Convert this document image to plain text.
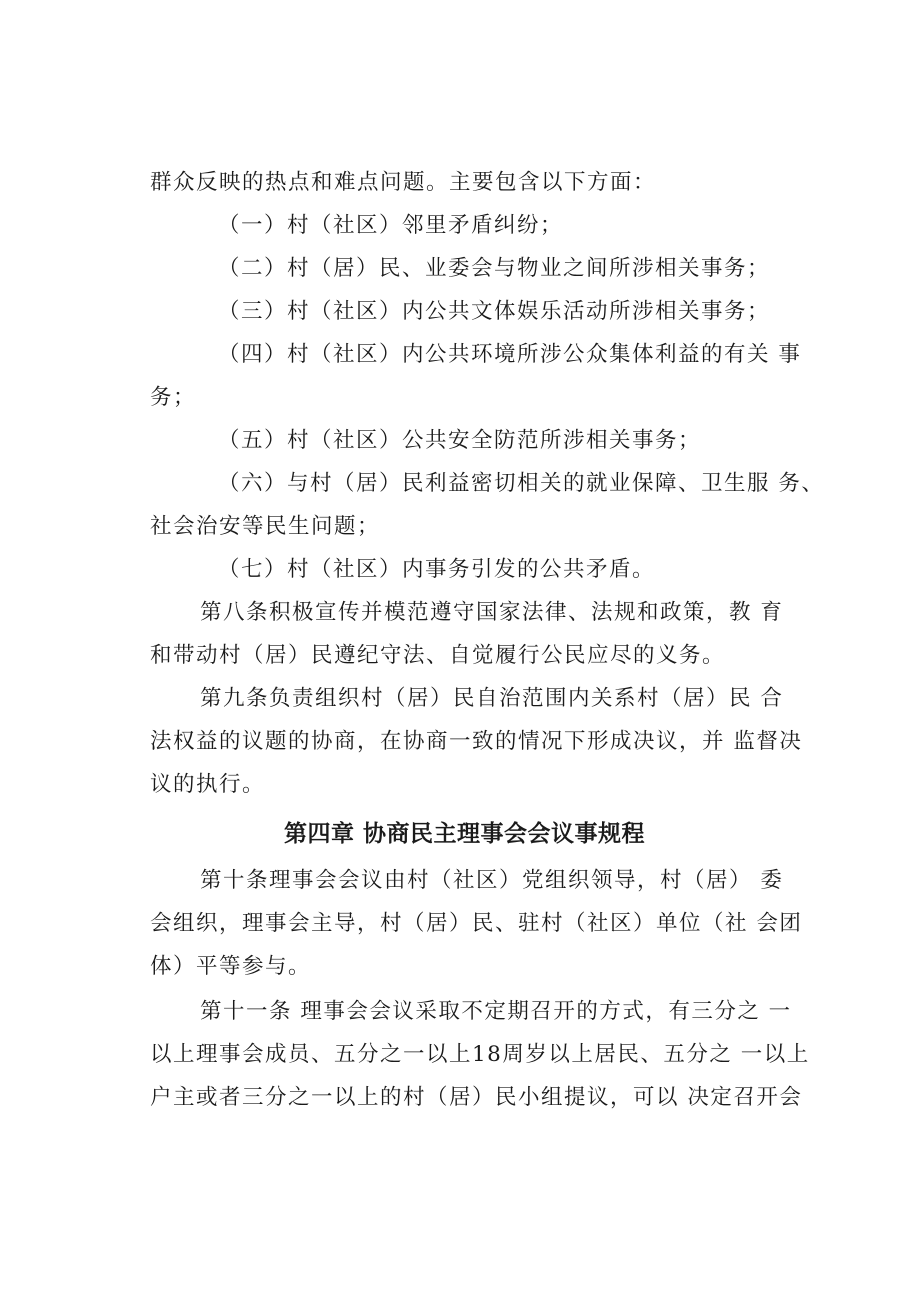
群众反映的热点和难点问题。主要包含以下方面：
（一）村（社区）邻里矛盾纠纷；
（二）村（居）民、业委会与物业之间所涉相关事务；
（三）村（社区）内公共文体娱乐活动所涉相关事务；
（四）村（社区）内公共环境所涉公众集体利益的有关 事
务；
（五）村（社区）公共安全防范所涉相关事务；
（六）与村（居）民利益密切相关的就业保障、卫生服 务、
社会治安等民生问题；
（七）村（社区）内事务引发的公共矛盾。
第八条积极宣传并模范遵守国家法律、法规和政策，教 育
和带动村（居）民遵纪守法、自觉履行公民应尽的义务。
第九条负责组织村（居）民自治范围内关系村（居）民 合
法权益的议题的协商，在协商一致的情况下形成决议，并 监督决
议的执行。
第四章 协商民主理事会会议事规程
第十条理事会会议由村（社区）党组织领导，村（居） 委
会组织，理事会主导，村（居）民、驻村（社区）单位（社 会团
体）平等参与。
第十一条 理事会会议采取不定期召开的方式，有三分之 一
以上理事会成员、五分之一以上18周岁以上居民、五分之 一以上
户主或者三分之一以上的村（居）民小组提议，可以 决定召开会
